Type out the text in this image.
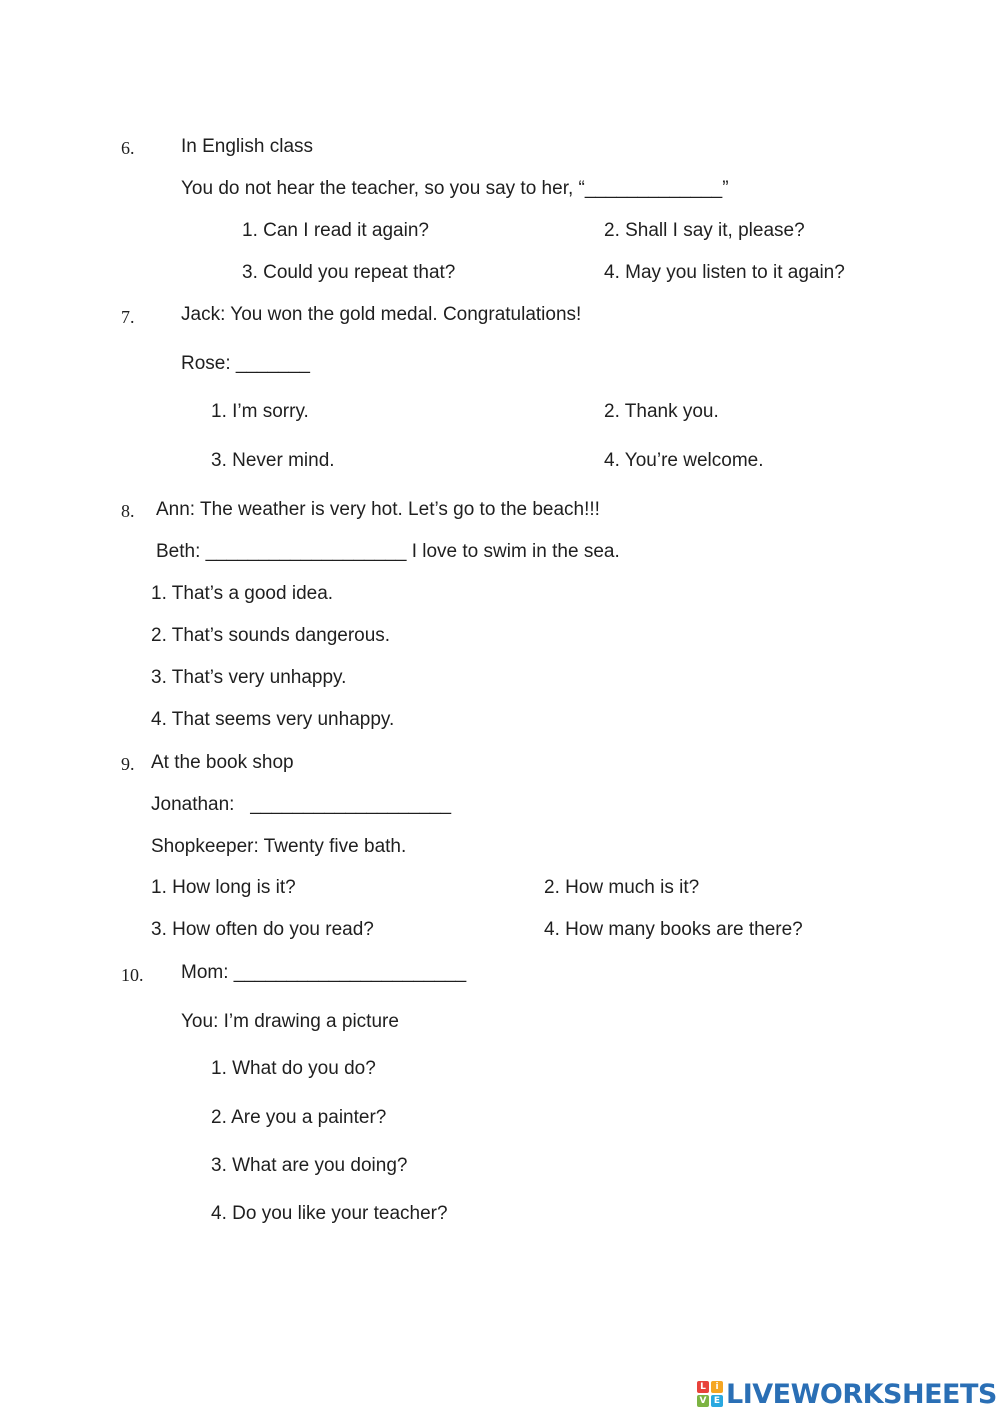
6. In English class
You do not hear the teacher, so you say to her, “_____________”
1. Can I read it again?	2. Shall I say it, please?
3. Could you repeat that?	4. May you listen to it again?
7. Jack: You won the gold medal. Congratulations!
Rose: _______
1. I’m sorry.	2. Thank you.
3. Never mind.	4. You’re welcome.
8. Ann: The weather is very hot. Let’s go to the beach!!!
Beth: ___________________ I love to swim in the sea.
1. That’s a good idea.
2. That’s sounds dangerous.
3. That’s very unhappy.
4. That seems very unhappy.
9. At the book shop
Jonathan:   ___________________
Shopkeeper: Twenty five bath.
1. How long is it?	2. How much is it?
3. How often do you read?	4. How many books are there?
10. Mom: ______________________
You: I’m drawing a picture
1. What do you do?
2. Are you a painter?
3. What are you doing?
4. Do you like your teacher?
L	i
V E LIVEWORKSHEETS
